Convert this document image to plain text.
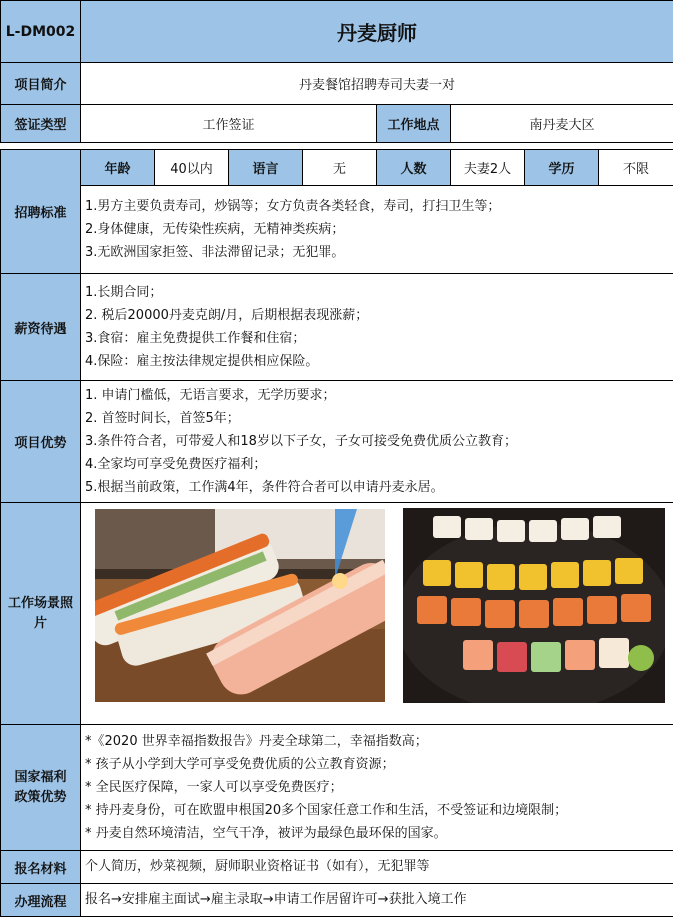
L-DM002	丹麦厨师							
项目简介	丹麦餐馆招聘寿司夫妻一对							
签证类型	工作签证				工作地点	南丹麦大区		

招聘标准	年龄	40以内	语言	无	人数	夫妻2人	学历	不限

	1.男方主要负责寿司，炒锅等；女方负责各类轻食，寿司，打扫卫生等；
2.身体健康，无传染性疾病，无精神类疾病；
3.无欧洲国家拒签、非法滞留记录；无犯罪。							

薪资待遇	1.长期合同；
2. 税后20000丹麦克朗/月，后期根据表现涨薪；
3.食宿：雇主免费提供工作餐和住宿；
4.保险：雇主按法律规定提供相应保险。							

项目优势	1. 申请门槛低，无语言要求，无学历要求；
2. 首签时间长，首签5年；
3.条件符合者，可带爱人和18岁以下子女，子女可接受免费优质公立教育；
4.全家均可享受免费医疗福利；
5.根据当前政策，工作满4年，条件符合者可以申请丹麦永居。							

工作场景照片

国家福利政策优势	*《2020 世界幸福指数报告》丹麦全球第二，幸福指数高；
* 孩子从小学到大学可享受免费优质的公立教育资源；
* 全民医疗保障，一家人可以享受免费医疗；
* 持丹麦身份，可在欧盟申根国20多个国家任意工作和生活，不受签证和边境限制；
* 丹麦自然环境清洁，空气干净，被评为最绿色最环保的国家。							

报名材料	个人简历，炒菜视频，厨师职业资格证书（如有），无犯罪等							
办理流程	报名→安排雇主面试→雇主录取→申请工作居留许可→获批入境工作							
